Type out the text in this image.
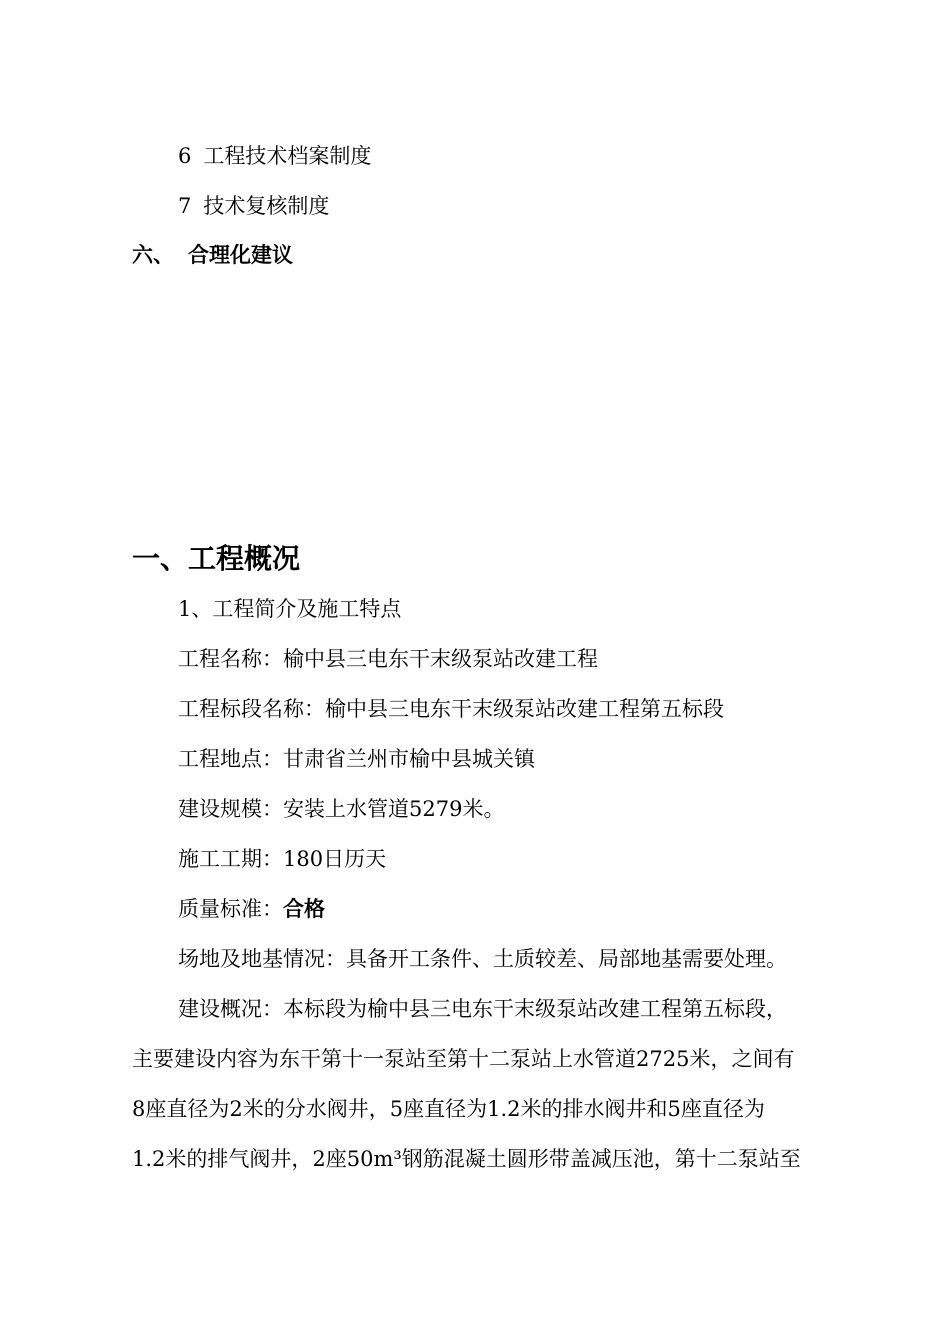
6 工程技术档案制度
7 技术复核制度
六、 合理化建议
一、工程概况
1、工程简介及施工特点
工程名称：榆中县三电东干末级泵站改建工程
工程标段名称：榆中县三电东干末级泵站改建工程第五标段
工程地点：甘肃省兰州市榆中县城关镇
建设规模：安装上水管道5279米。
施工工期：180日历天
质量标准：合格
场地及地基情况：具备开工条件、土质较差、局部地基需要处理。
建设概况：本标段为榆中县三电东干末级泵站改建工程第五标段，
主要建设内容为东干第十一泵站至第十二泵站上水管道2725米，之间有
8座直径为2米的分水阀井，5座直径为1.2米的排水阀井和5座直径为
1.2米的排气阀井，2座50m³钢筋混凝土圆形带盖减压池，第十二泵站至
